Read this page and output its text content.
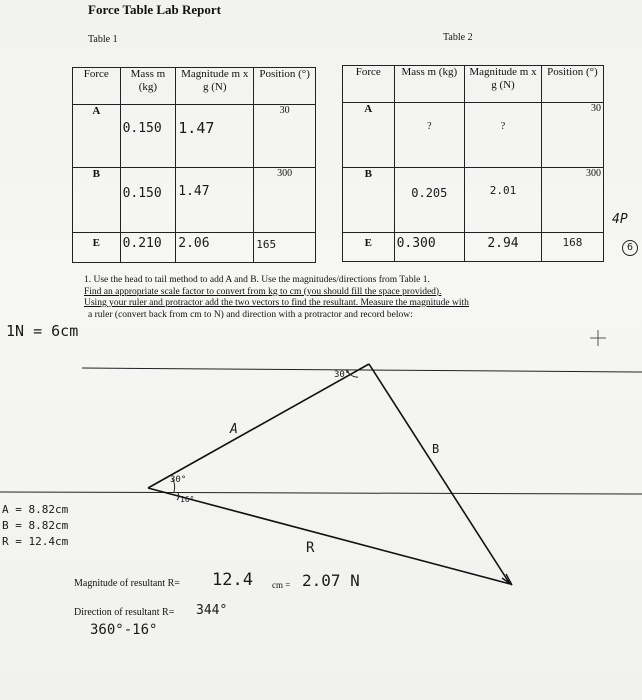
Force Table Lab Report
Table 1	Table 2
Force	Mass m (kg)	Magnitude m x g (N)	Position (°)
A	0.150	1.47	30
B	0.150	1.47	300
E	0.210	2.06	165
Force	Mass m (kg)	Magnitude m x g (N)	Position (°)
A	?	?	30
B	0.205	2.01	300
E	0.300	2.94	168
4P
6
1. Use the head to tail method to add A and B. Use the magnitudes/directions from Table 1.
Find an appropriate scale factor to convert from kg to cm (you should fill the space provided).
Using your ruler and protractor add the two vectors to find the resultant. Measure the magnitude with
a ruler (convert back from cm to N) and direction with a protractor and record below:
1N = 6cm
30°
A
B
30°
16°
R
A = 8.82cm
B = 8.82cm
R = 12.4cm
Magnitude of resultant R= 12.4 cm = 2.07 N
Direction of resultant R= 344°
360°-16°
